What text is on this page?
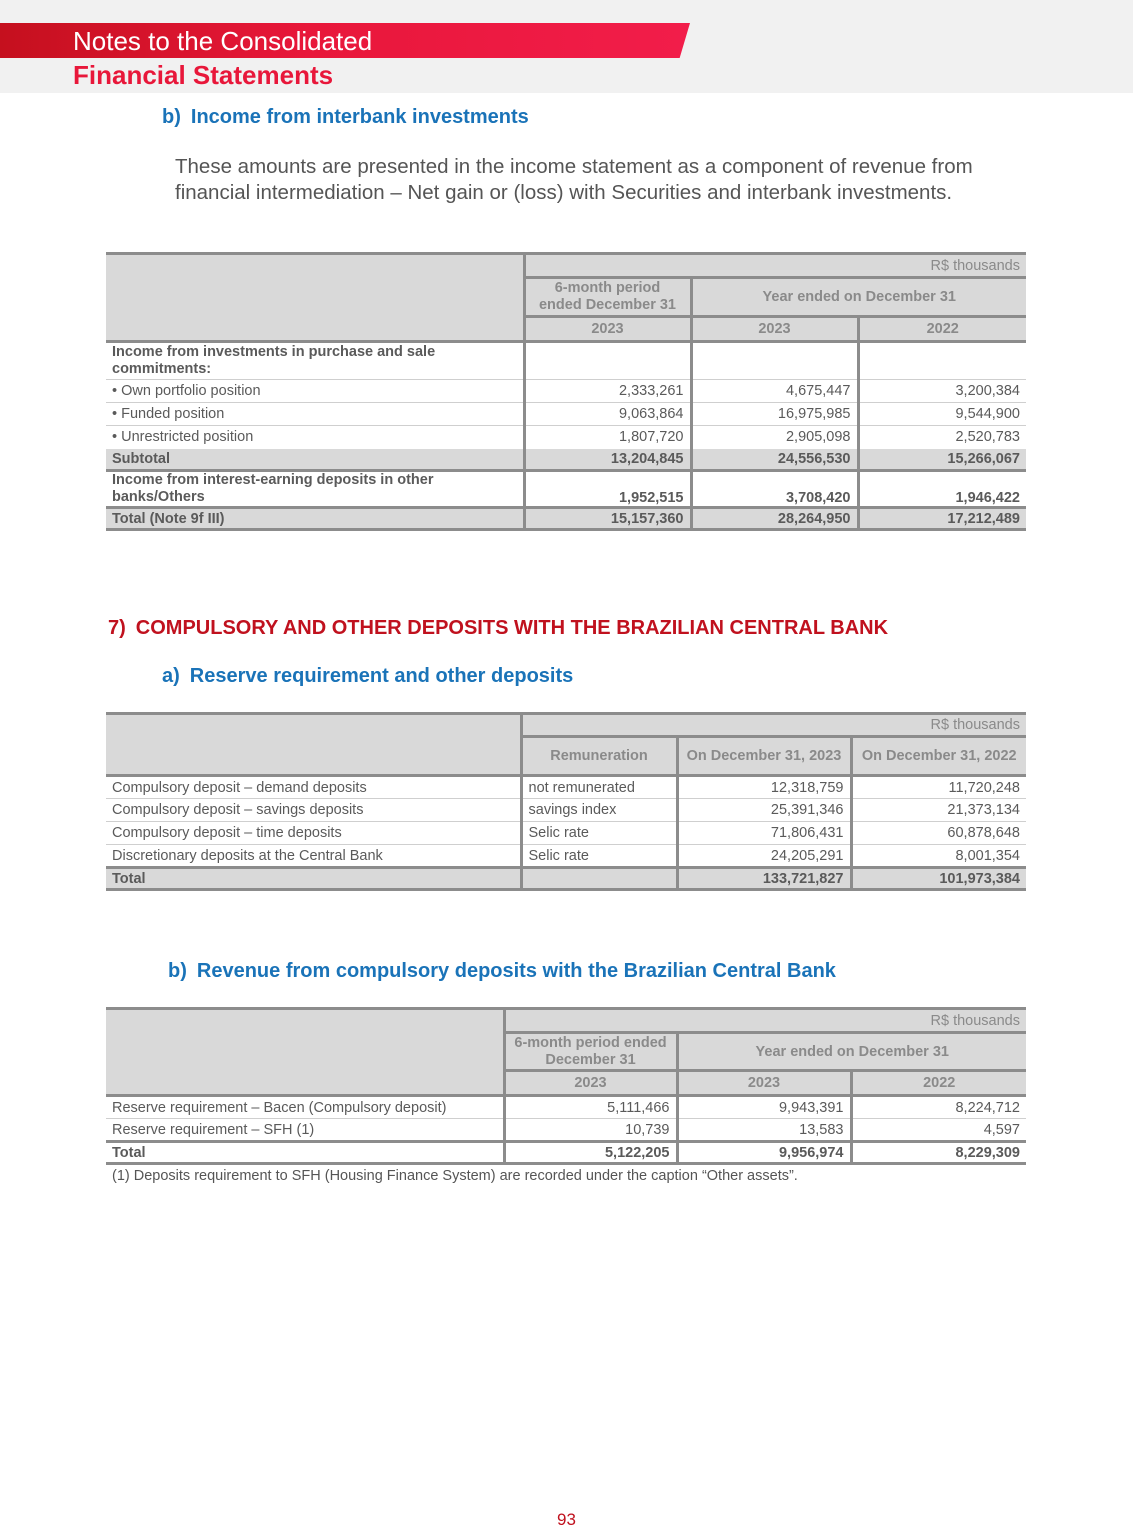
Notes to the Consolidated
Financial Statements
b) Income from interbank investments
These amounts are presented in the income statement as a component of revenue from financial intermediation – Net gain or (loss) with Securities and interbank investments.
	R$ thousands		
	6-month period ended December 31	Year ended on December 31	
	2023	2023	2022
Income from investments in purchase and sale commitments:			
• Own portfolio position	2,333,261	4,675,447	3,200,384
• Funded position	9,063,864	16,975,985	9,544,900
• Unrestricted position	1,807,720	2,905,098	2,520,783
Subtotal	13,204,845	24,556,530	15,266,067
Income from interest-earning deposits in other banks/Others	1,952,515	3,708,420	1,946,422
Total (Note 9f III)	15,157,360	28,264,950	17,212,489
7) COMPULSORY AND OTHER DEPOSITS WITH THE BRAZILIAN CENTRAL BANK
a) Reserve requirement and other deposits
	R$ thousands		
	Remuneration	On December 31, 2023	On December 31, 2022
Compulsory deposit – demand deposits	not remunerated	12,318,759	11,720,248
Compulsory deposit – savings deposits	savings index	25,391,346	21,373,134
Compulsory deposit – time deposits	Selic rate	71,806,431	60,878,648
Discretionary deposits at the Central Bank	Selic rate	24,205,291	8,001,354
Total		133,721,827	101,973,384
b) Revenue from compulsory deposits with the Brazilian Central Bank
	R$ thousands		
	6-month period ended December 31	Year ended on December 31	
	2023	2023	2022
Reserve requirement – Bacen (Compulsory deposit)	5,111,466	9,943,391	8,224,712
Reserve requirement – SFH (1)	10,739	13,583	4,597
Total	5,122,205	9,956,974	8,229,309
(1) Deposits requirement to SFH (Housing Finance System) are recorded under the caption “Other assets”.
93
